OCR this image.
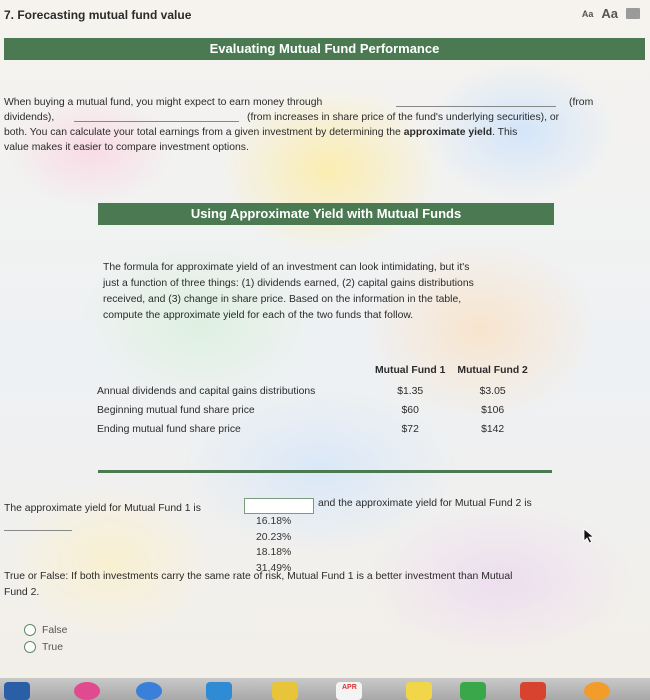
7. Forecasting mutual fund value	Aa Aa
Evaluating Mutual Fund Performance
When buying a mutual fund, you might expect to earn money through	(from
dividends),	(from increases in share price of the fund's underlying securities), or
both. You can calculate your total earnings from a given investment by determining the approximate yield. This
value makes it easier to compare investment options.
Using Approximate Yield with Mutual Funds
The formula for approximate yield of an investment can look intimidating, but it's
just a function of three things: (1) dividends earned, (2) capital gains distributions
received, and (3) change in share price. Based on the information in the table,
compute the approximate yield for each of the two funds that follow.
	Mutual Fund 1	Mutual Fund 2
Annual dividends and capital gains distributions	$1.35	$3.05
Beginning mutual fund share price	$60	$106
Ending mutual fund share price	$72	$142
The approximate yield for Mutual Fund 1 is	and the approximate yield for Mutual Fund 2 is
16.18%
20.23%
18.18%
31.49%
True or False: If both investments carry the same rate of risk, Mutual Fund 1 is a better investment than Mutual
Fund 2.
False
True
APR
